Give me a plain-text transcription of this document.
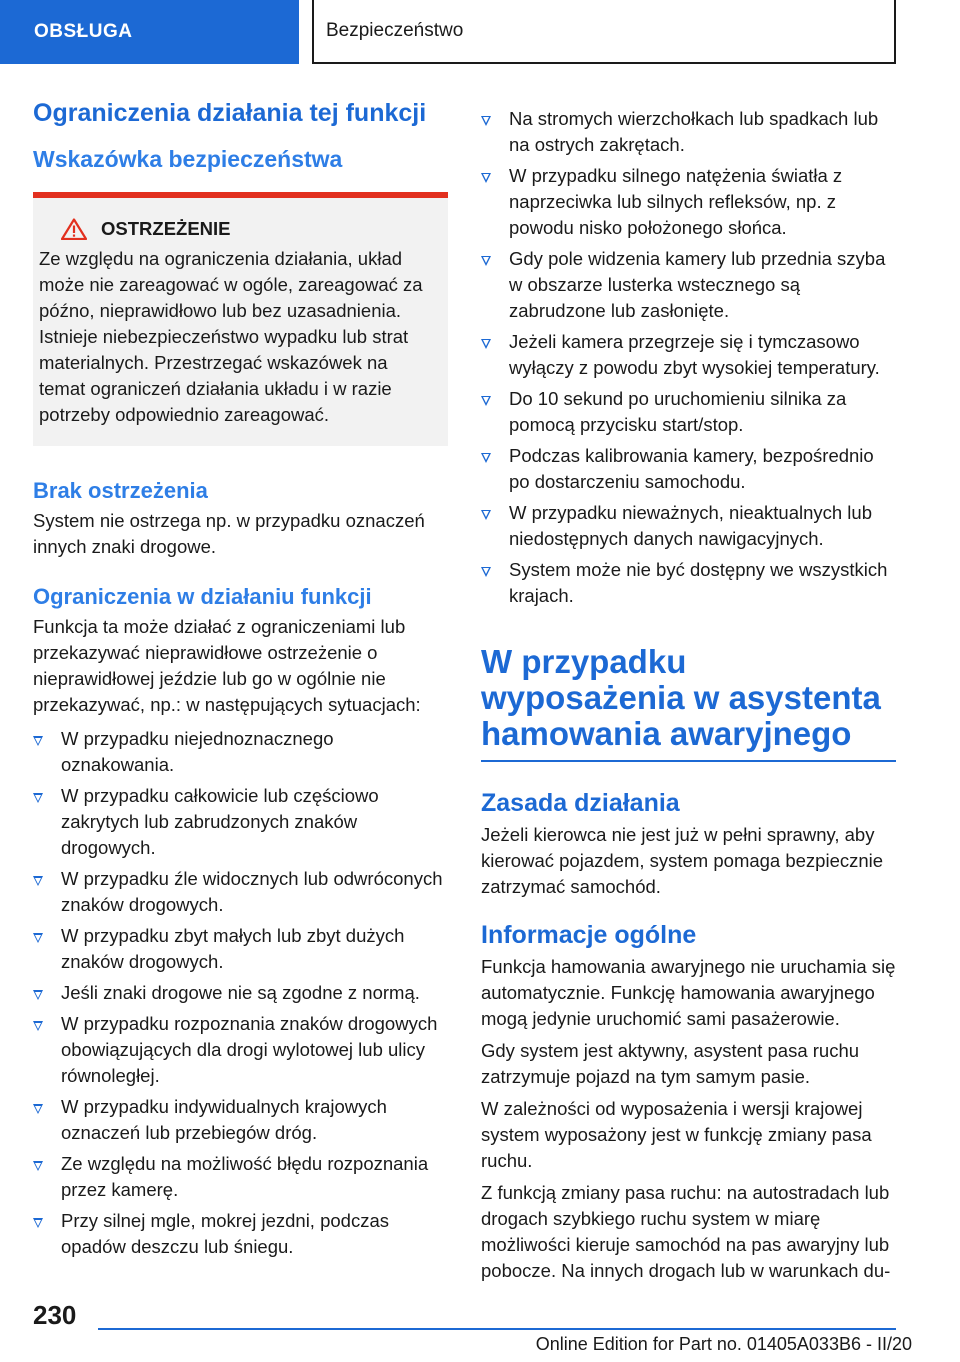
OBSŁUGA	Bezpieczeństwo
Ograniczenia działania tej funkcji
Wskazówka bezpieczeństwa
OSTRZEŻENIE
Ze względu na ograniczenia działania, układ może nie zareagować w ogóle, zareagować za późno, nieprawidłowo lub bez uzasadnienia. Istnieje niebezpieczeństwo wypadku lub strat materialnych. Przestrzegać wskazówek na temat ograniczeń działania układu i w razie potrzeby odpowiednio zareagować.
Brak ostrzeżenia
System nie ostrzega np. w przypadku oznaczeń innych znaki drogowe.
Ograniczenia w działaniu funkcji
Funkcja ta może działać z ograniczeniami lub przekazywać nieprawidłowe ostrzeżenie o nieprawidłowej jeździe lub go w ogólnie nie przekazywać, np.: w następujących sytuacjach:
W przypadku niejednoznacznego oznakowania.
W przypadku całkowicie lub częściowo zakrytych lub zabrudzonych znaków drogowych.
W przypadku źle widocznych lub odwróconych znaków drogowych.
W przypadku zbyt małych lub zbyt dużych znaków drogowych.
Jeśli znaki drogowe nie są zgodne z normą.
W przypadku rozpoznania znaków drogowych obowiązujących dla drogi wylotowej lub ulicy równoległej.
W przypadku indywidualnych krajowych oznaczeń lub przebiegów dróg.
Ze względu na możliwość błędu rozpoznania przez kamerę.
Przy silnej mgle, mokrej jezdni, podczas opadów deszczu lub śniegu.
Na stromych wierzchołkach lub spadkach lub na ostrych zakrętach.
W przypadku silnego natężenia światła z naprzeciwka lub silnych refleksów, np. z powodu nisko położonego słońca.
Gdy pole widzenia kamery lub przednia szyba w obszarze lusterka wstecznego są zabrudzone lub zasłonięte.
Jeżeli kamera przegrzeje się i tymczasowo wyłączy z powodu zbyt wysokiej temperatury.
Do 10 sekund po uruchomieniu silnika za pomocą przycisku start/stop.
Podczas kalibrowania kamery, bezpośrednio po dostarczeniu samochodu.
W przypadku nieważnych, nieaktualnych lub niedostępnych danych nawigacyjnych.
System może nie być dostępny we wszystkich krajach.
W przypadku wyposażenia w asystenta hamowania awaryjnego
Zasada działania
Jeżeli kierowca nie jest już w pełni sprawny, aby kierować pojazdem, system pomaga bezpiecznie zatrzymać samochód.
Informacje ogólne
Funkcja hamowania awaryjnego nie uruchamia się automatycznie. Funkcję hamowania awaryjnego mogą jedynie uruchomić sami pasażerowie.
Gdy system jest aktywny, asystent pasa ruchu zatrzymuje pojazd na tym samym pasie.
W zależności od wyposażenia i wersji krajowej system wyposażony jest w funkcję zmiany pasa ruchu.
Z funkcją zmiany pasa ruchu: na autostradach lub drogach szybkiego ruchu system w miarę możliwości kieruje samochód na pas awaryjny lub pobocze. Na innych drogach lub w warunkach du-
230
Online Edition for Part no. 01405A033B6 - II/20
